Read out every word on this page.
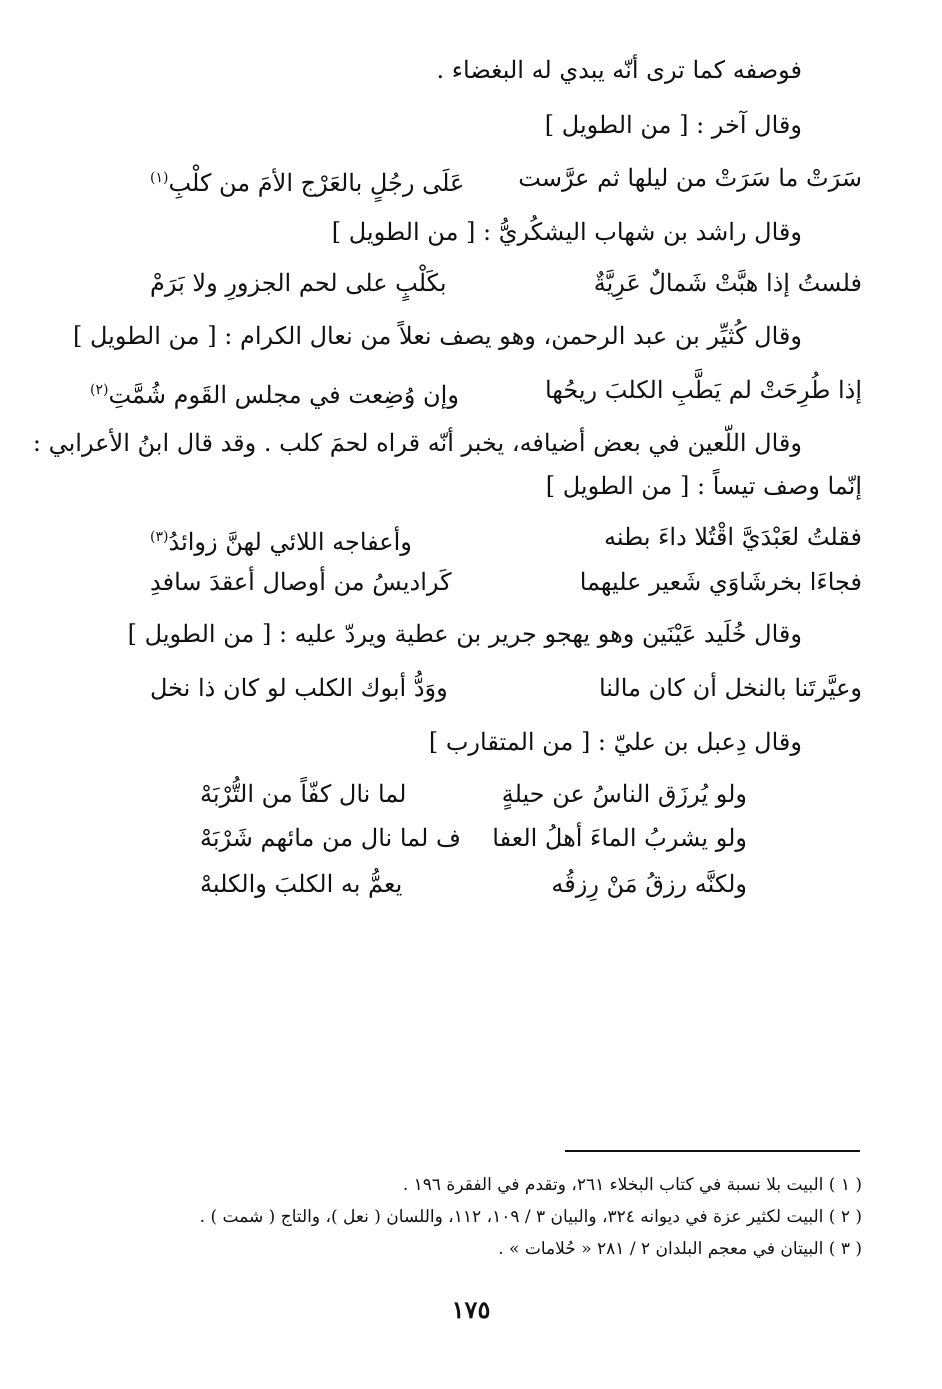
فوصفه كما ترى أنّه يبدي له البغضاء .
وقال آخر : [ من الطويل ]
سَرَتْ ما سَرَتْ من ليلها ثم عرَّست
عَلَى رجُلٍ بالعَرْج الأمَ من كلْبِ$^{(١)}$
وقال راشد بن شهاب اليشكُريُّ : [ من الطويل ]
فلستُ إذا هبَّتْ شَمالٌ عَرِيَّةٌ
بكَلْبٍ على لحم الجزورِ ولا بَرَمْ
وقال كُثيِّر بن عبد الرحمن، وهو يصف نعلاً من نعال الكرام : [ من الطويل ]
إذا طُرِحَتْ لم يَطَّبِ الكلبَ ريحُها
وإن وُضِعت في مجلس القَوم شُمَّتِ$^{(٢)}$
وقال اللّعين في بعض أضيافه، يخبر أنّه قراه لحمَ كلب . وقد قال ابنُ الأعرابي :
إنّما وصف تيساً : [ من الطويل ]
فقلتُ لعَبْدَيَّ اقْتُلا داءَ بطنه
وأعفاجه اللائي لهنَّ زوائدُ$^{(٣)}$
فجاءَا بخرشَاوَي شَعير عليهما
كَراديسُ من أوصال أعقدَ سافدِ
وقال خُلَيد عَيْنَين وهو يهجو جرير بن عطية ويردّ عليه : [ من الطويل ]
وعيَّرتَنا بالنخل أن كان مالنا
ووَدُّ أبوك الكلب لو كان ذا نخل
وقال دِعبل بن عليّ : [ من المتقارب ]
ولو يُرزَق الناسُ عن حيلةٍ
لما نال كفّاً من التُّرْبَهْ
ولو يشربُ الماءَ أهلُ العفا
ف لما نال من مائهم شَرْبَهْ
ولكنَّه رزقُ مَنْ رِزقُه
يعمُّ به الكلبَ والكلبهْ
( ١ ) البيت بلا نسبة في كتاب البخلاء ٢٦١، وتقدم في الفقرة ١٩٦ .
( ٢ ) البيت لكثير عزة في ديوانه ٣٢٤، والبيان ٣ / ١٠٩، ١١٢، واللسان ( نعل )، والتاج ( شمت ) .
( ٣ ) البيتان في معجم البلدان ٢ / ٢٨١ « حُلامات » .
١٧٥
